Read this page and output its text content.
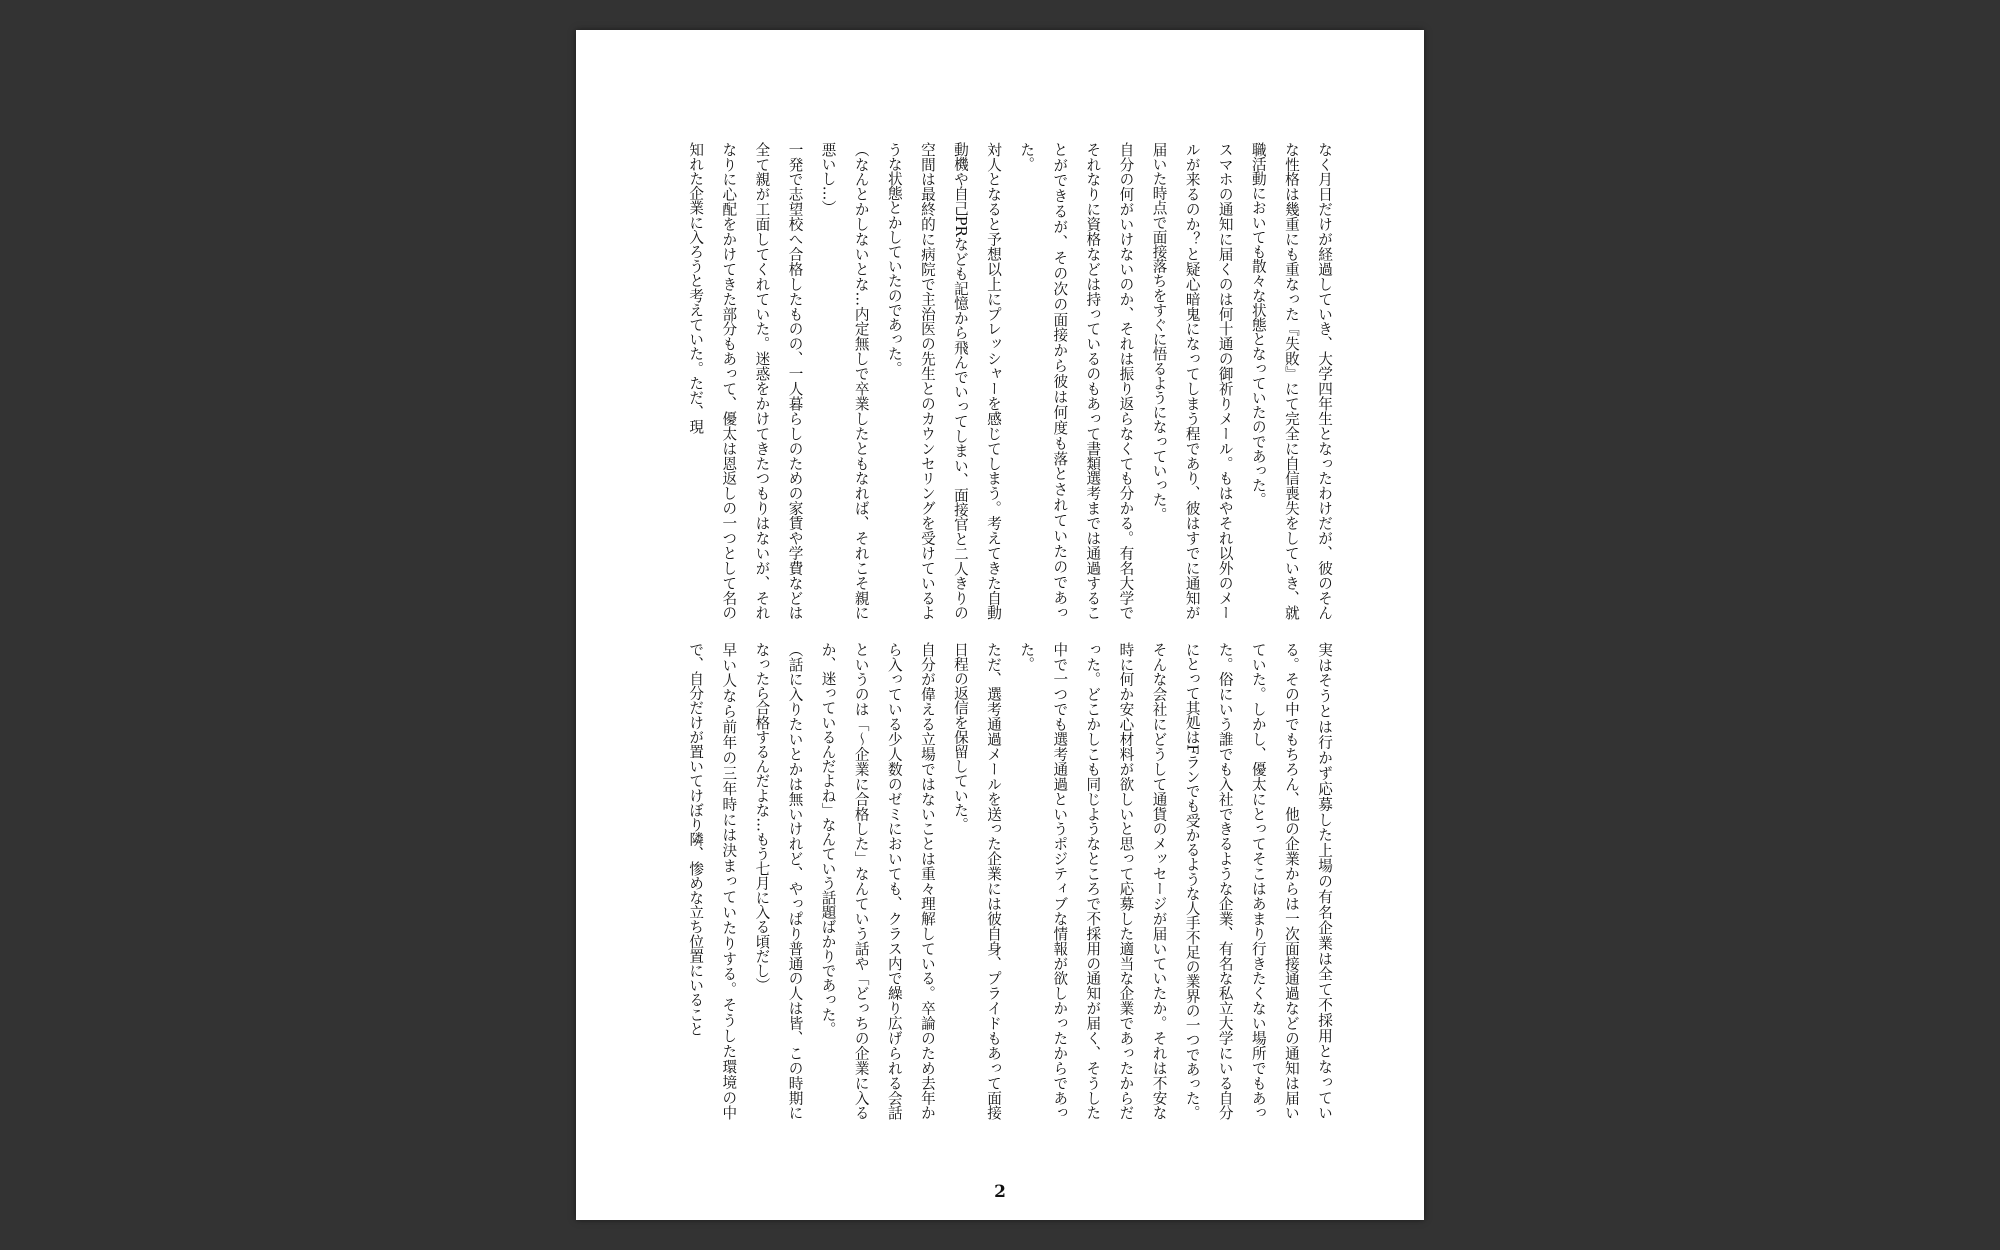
なく月日だけが経過していき、大学四年生となったわけだが、彼のそんな性格は幾重にも重なった『失敗』にて完全に自信喪失をしていき、就職活動においても散々な状態となっていたのであった。

スマホの通知に届くのは何十通の御祈りメール。もはやそれ以外のメールが来るのか？と疑心暗鬼になってしまう程であり、彼はすでに通知が届いた時点で面接落ちをすぐに悟るようになっていった。

自分の何がいけないのか、それは振り返らなくても分かる。有名大学でそれなりに資格などは持っているのもあって書類選考までは通過することができるが、その次の面接から彼は何度も落とされていたのであった。

対人となると予想以上にプレッシャーを感じてしまう。考えてきた自動動機や自己PRなども記憶から飛んでいってしまい、面接官と二人きりの空間は最終的に病院で主治医の先生とのカウンセリングを受けているような状態とかしていたのであった。

（なんとかしないとな…内定無しで卒業したともなれば、それこそ親に悪いし…）

一発で志望校へ合格したものの、一人暮らしのための家賃や学費などは全て親が工面してくれていた。迷惑をかけてきたつもりはないが、それなりに心配をかけてきた部分もあって、優太は恩返しの一つとして名の知れた企業に入ろうと考えていた。ただ、現

実はそうとは行かず応募した上場の有名企業は全て不採用となっている。その中でもちろん、他の企業からは一次面接通過などの通知は届いていた。しかし、優太にとってそこはあまり行きたくない場所でもあった。俗にいう誰でも入社できるような企業、有名な私立大学にいる自分にとって其処はFランでも受かるような人手不足の業界の一つであった。そんな会社にどうして通貨のメッセージが届いていたか。それは不安な時に何か安心材料が欲しいと思って応募した適当な企業であったからだった。どこかしこも同じようなところで不採用の通知が届く、そうした中で一つでも選考通過というポジティブな情報が欲しかったからであった。

ただ、選考通過メールを送った企業には彼自身、プライドもあって面接日程の返信を保留していた。

自分が偉える立場ではないことは重々理解している。卒論のため去年から入っている少人数のゼミにおいても、クラス内で繰り広げられる会話というのは「〜企業に合格した」なんていう話や「どっちの企業に入るか、迷っているんだよね」なんていう話題ばかりであった。

（話に入りたいとかは無いけれど、やっぱり普通の人は皆、この時期になったら合格するんだよな…もう七月に入る頃だし）

早い人なら前年の三年時には決まっていたりする。そうした環境の中で、自分だけが置いてけぼり隣、惨めな立ち位置にいること

2
